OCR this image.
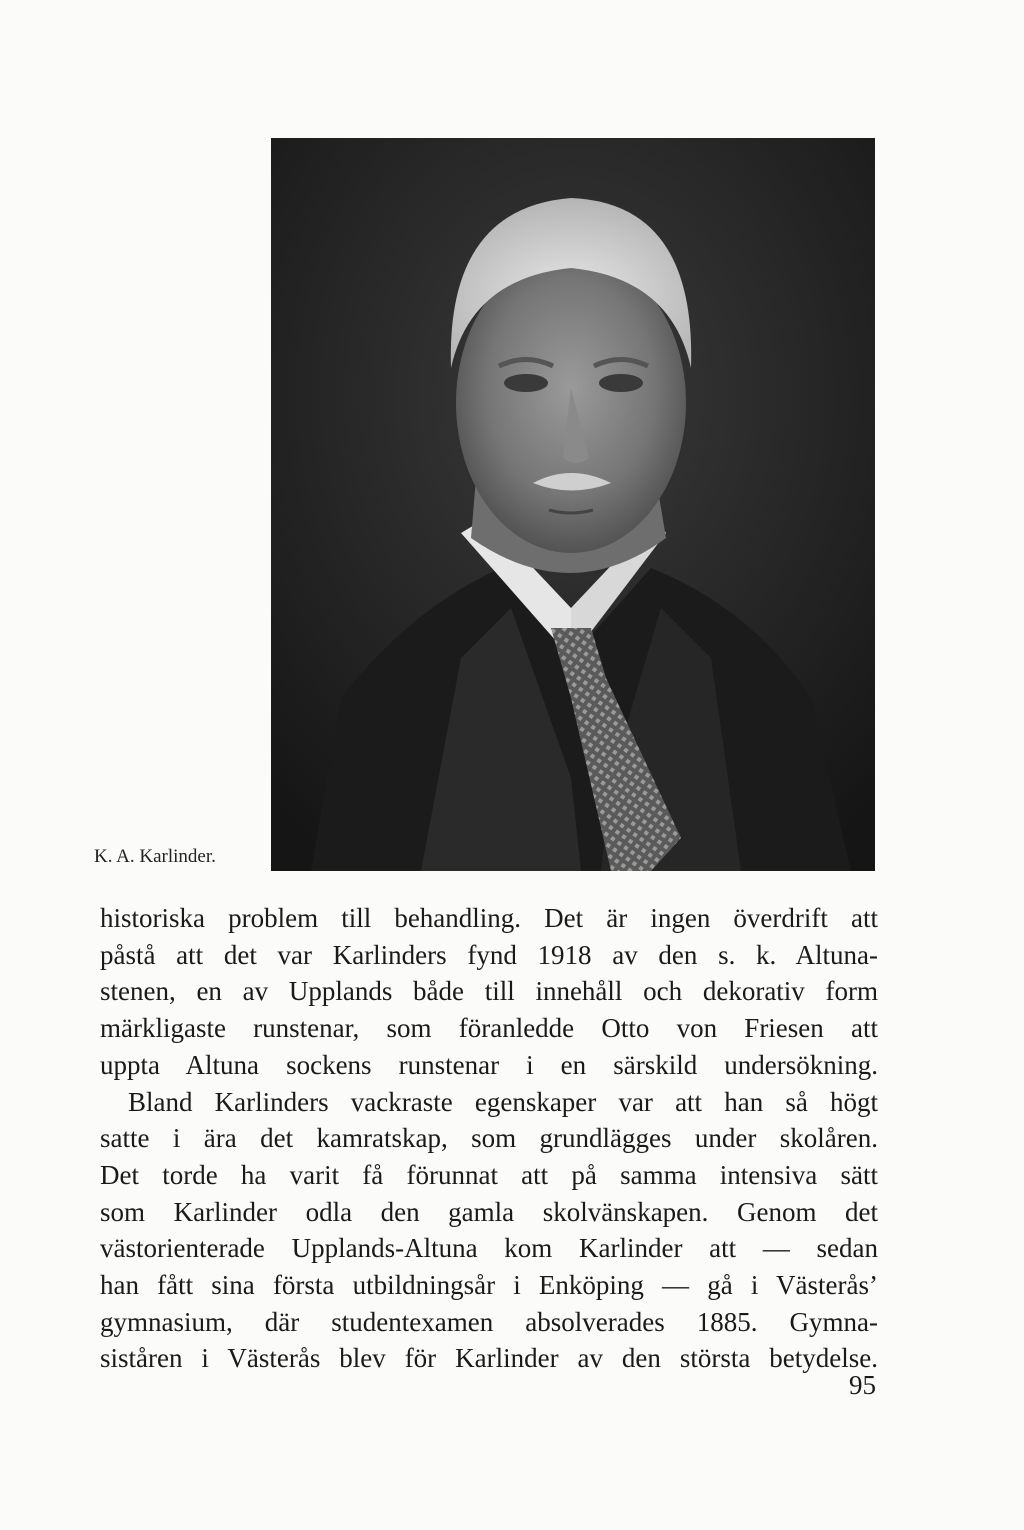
K. A. Karlinder.
historiska problem till behandling. Det är ingen överdrift att
påstå att det var Karlinders fynd 1918 av den s. k. Altuna-
stenen, en av Upplands både till innehåll och dekorativ form
märkligaste runstenar, som föranledde Otto von Friesen att
uppta Altuna sockens runstenar i en särskild undersökning.
Bland Karlinders vackraste egenskaper var att han så högt
satte i ära det kamratskap, som grundlägges under skolåren.
Det torde ha varit få förunnat att på samma intensiva sätt
som Karlinder odla den gamla skolvänskapen. Genom det
västorienterade Upplands-Altuna kom Karlinder att — sedan
han fått sina första utbildningsår i Enköping — gå i Västerås’
gymnasium, där studentexamen absolverades 1885. Gymna-
siståren i Västerås blev för Karlinder av den största betydelse.
95
